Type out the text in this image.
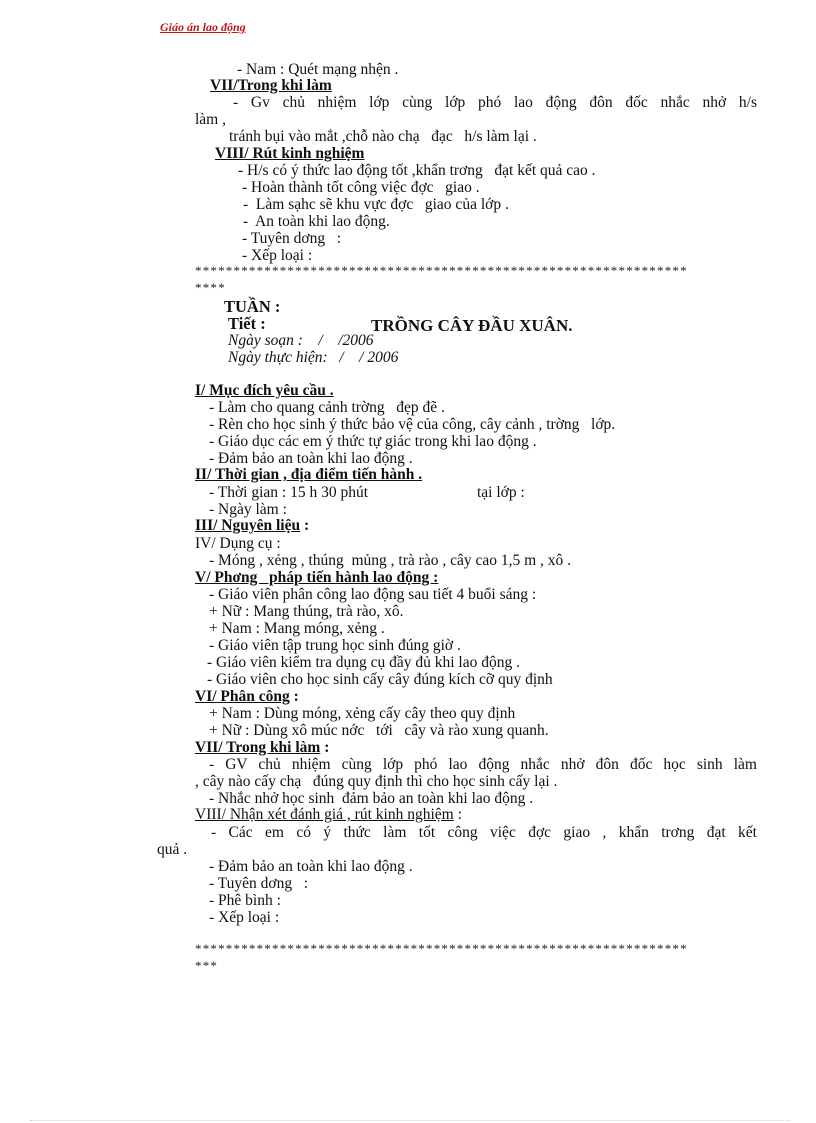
Giáo án lao động
- Nam : Quét mạng nhện .
VII/Trong khi làm
- Gv chủ nhiệm lớp cùng lớp phó lao động đôn đốc nhắc nhở h/s
làm ,
tránh bụi vào mắt ,chỗ nào chạ   đạc   h/s làm lại .
VIII/ Rút kinh nghiệm
- H/s có ý thức lao động tốt ,khẩn trơng   đạt kết quả cao .
- Hoàn thành tốt công việc đợc   giao .
-  Làm sạhc sẽ khu vực đợc   giao của lớp .
-  An toàn khi lao động.
- Tuyên dơng   :
- Xếp loại :
****************************************************************
****
TUẦN :
Tiết :	TRỒNG CÂY ĐẦU XUÂN.
Ngày soạn :    /    /2006
Ngày thực hiện:   /    / 2006
I/ Mục đích yêu cầu .
- Làm cho quang cảnh trờng   đẹp đẽ .
- Rèn cho học sinh ý thức bảo vệ của công, cây cảnh , trờng   lớp.
- Giáo dục các em ý thức tự giác trong khi lao động .
- Đảm bảo an toàn khi lao động .
II/ Thời gian , địa điểm tiến hành .
- Thời gian : 15 h 30 phút	tại lớp :
- Ngày làm :
III/ Nguyên liệu :
IV/ Dụng cụ :
- Móng , xẻng , thúng  mủng , trà rào , cây cao 1,5 m , xô .
V/ Phơng   pháp tiến hành lao động :
- Giáo viên phân công lao động sau tiết 4 buổi sáng :
+ Nữ : Mang thúng, trà rào, xô.
+ Nam : Mang móng, xẻng .
- Giáo viên tập trung học sinh đúng giờ .
- Giáo viên kiểm tra dụng cụ đầy đủ khi lao động .
- Giáo viên cho học sinh cấy cây đúng kích cỡ quy định
VI/ Phân công :
+ Nam : Dùng móng, xẻng cấy cây theo quy định
+ Nữ : Dùng xô múc nớc   tới   cây và rào xung quanh.
VII/ Trong khi làm :
- GV chủ nhiệm cùng lớp phó lao động nhắc nhở đôn đốc học sinh làm
, cây nào cấy chạ   đúng quy định thì cho học sinh cấy lại .
- Nhắc nhở học sinh  đảm bảo an toàn khi lao động .
VIII/ Nhận xét đánh giá , rút kinh nghiệm :
- Các em có ý thức làm tốt công việc đợc giao , khẩn trơng đạt kết
quả .
- Đảm bảo an toàn khi lao động .
- Tuyên dơng   :
- Phê bình :
- Xếp loại :
****************************************************************
***
